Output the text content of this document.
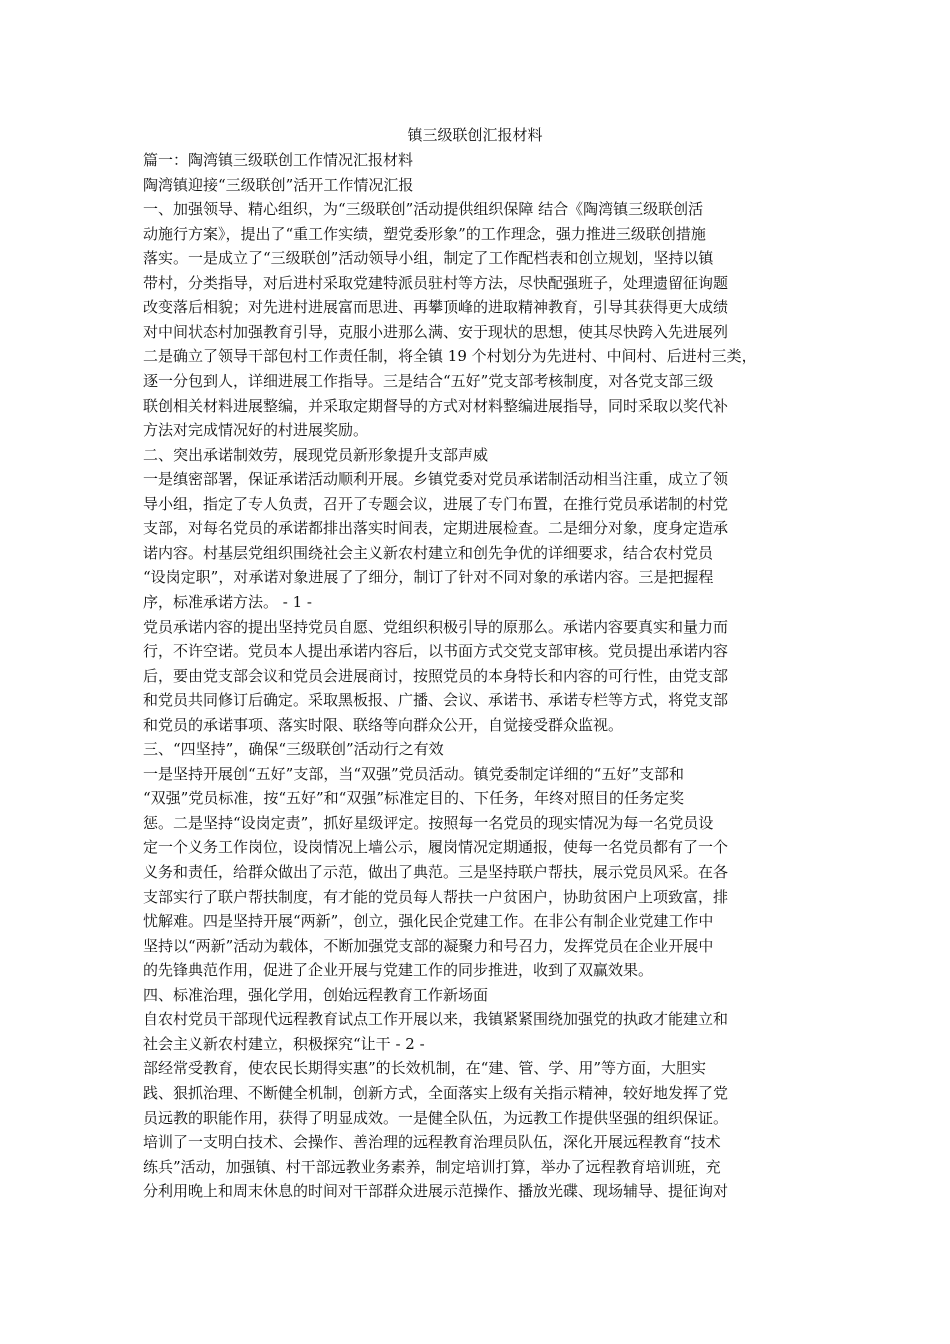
镇三级联创汇报材料
篇一：陶湾镇三级联创工作情况汇报材料
陶湾镇迎接“三级联创”活开工作情况汇报
一、加强领导、精心组织，为“三级联创”活动提供组织保障 结合《陶湾镇三级联创活
动施行方案》，提出了“重工作实绩，塑党委形象”的工作理念，强力推进三级联创措施
落实。一是成立了“三级联创”活动领导小组，制定了工作配档表和创立规划，坚持以镇
带村，分类指导，对后进村采取党建特派员驻村等方法，尽快配强班子，处理遗留征询题
改变落后相貌；对先进村进展富而思进、再攀顶峰的进取精神教育，引导其获得更大成绩
对中间状态村加强教育引导，克服小进那么满、安于现状的思想，使其尽快跨入先进展列
二是确立了领导干部包村工作责任制，将全镇 19 个村划分为先进村、中间村、后进村三类，
逐一分包到人，详细进展工作指导。三是结合“五好”党支部考核制度，对各党支部三级
联创相关材料进展整编，并采取定期督导的方式对材料整编进展指导，同时采取以奖代补
方法对完成情况好的村进展奖励。
二、突出承诺制效劳，展现党员新形象提升支部声威
一是缜密部署，保证承诺活动顺利开展。乡镇党委对党员承诺制活动相当注重，成立了领
导小组，指定了专人负责，召开了专题会议，进展了专门布置，在推行党员承诺制的村党
支部，对每名党员的承诺都排出落实时间表，定期进展检查。二是细分对象，度身定造承
诺内容。村基层党组织围绕社会主义新农村建立和创先争优的详细要求，结合农村党员
“设岗定职”，对承诺对象进展了了细分，制订了针对不同对象的承诺内容。三是把握程
序，标准承诺方法。 - 1 -
党员承诺内容的提出坚持党员自愿、党组织积极引导的原那么。承诺内容要真实和量力而
行，不许空诺。党员本人提出承诺内容后，以书面方式交党支部审核。党员提出承诺内容
后，要由党支部会议和党员会进展商讨，按照党员的本身特长和内容的可行性，由党支部
和党员共同修订后确定。采取黑板报、广播、会议、承诺书、承诺专栏等方式，将党支部
和党员的承诺事项、落实时限、联络等向群众公开，自觉接受群众监视。
三、“四坚持”，确保“三级联创”活动行之有效
一是坚持开展创“五好”支部，当“双强”党员活动。镇党委制定详细的“五好”支部和
“双强”党员标准，按“五好”和“双强”标准定目的、下任务，年终对照目的任务定奖
惩。二是坚持“设岗定责”，抓好星级评定。按照每一名党员的现实情况为每一名党员设
定一个义务工作岗位，设岗情况上墙公示，履岗情况定期通报，使每一名党员都有了一个
义务和责任，给群众做出了示范，做出了典范。三是坚持联户帮扶，展示党员风采。在各
支部实行了联户帮扶制度，有才能的党员每人帮扶一户贫困户，协助贫困户上项致富，排
忧解难。四是坚持开展“两新”，创立，强化民企党建工作。在非公有制企业党建工作中
坚持以“两新”活动为载体，不断加强党支部的凝聚力和号召力，发挥党员在企业开展中
的先锋典范作用，促进了企业开展与党建工作的同步推进，收到了双赢效果。
四、标准治理，强化学用，创始远程教育工作新场面
自农村党员干部现代远程教育试点工作开展以来，我镇紧紧围绕加强党的执政才能建立和
社会主义新农村建立，积极探究“让干 - 2 -
部经常受教育，使农民长期得实惠”的长效机制，在“建、管、学、用”等方面，大胆实
践、狠抓治理、不断健全机制，创新方式，全面落实上级有关指示精神，较好地发挥了党
员远教的职能作用，获得了明显成效。一是健全队伍，为远教工作提供坚强的组织保证。
培训了一支明白技术、会操作、善治理的远程教育治理员队伍，深化开展远程教育“技术
练兵”活动，加强镇、村干部远教业务素养，制定培训打算，举办了远程教育培训班，充
分利用晚上和周末休息的时间对干部群众进展示范操作、播放光碟、现场辅导、提征询对
